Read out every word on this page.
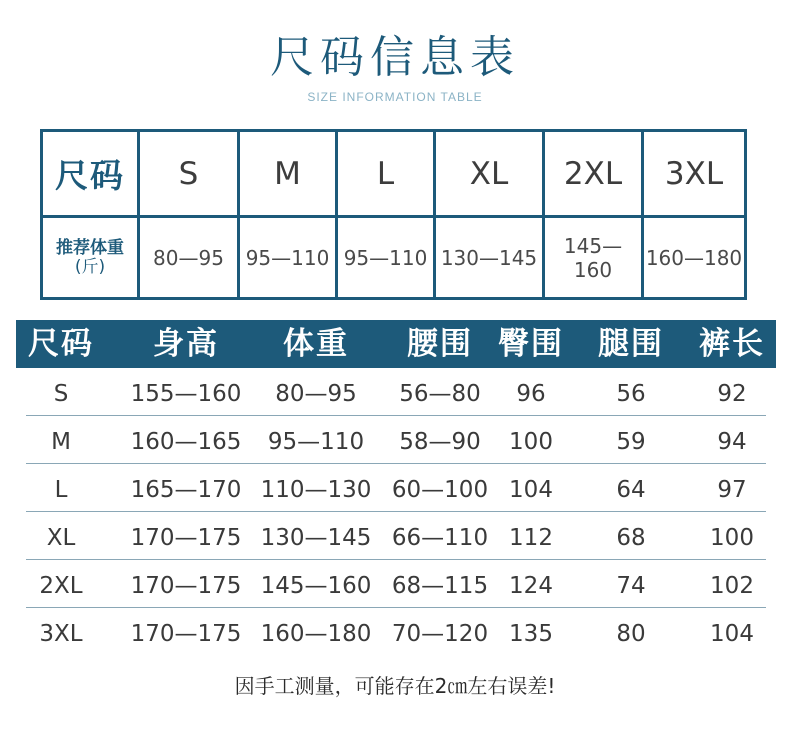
尺码信息表
SIZE INFORMATION TABLE
尺码	S	M	L	XL	2XL	3XL
推荐体重
(斤)	80—95	95—110	95—110	130—145	145—160	160—180
尺码	身高	体重	腰围 臀围 腿围 裤长
S	155—160	80—95	56—80	96	56	92
M	160—165	95—110	58—90	100	59	94
L	165—170 110—130 60—100 104	64	97
XL	170—175 130—145 66—110 112	68	100
2XL	170—175 145—160 68—115 124	74	102
3XL	170—175 160—180 70—120 135	80	104
因手工测量，可能存在2㎝左右误差!
